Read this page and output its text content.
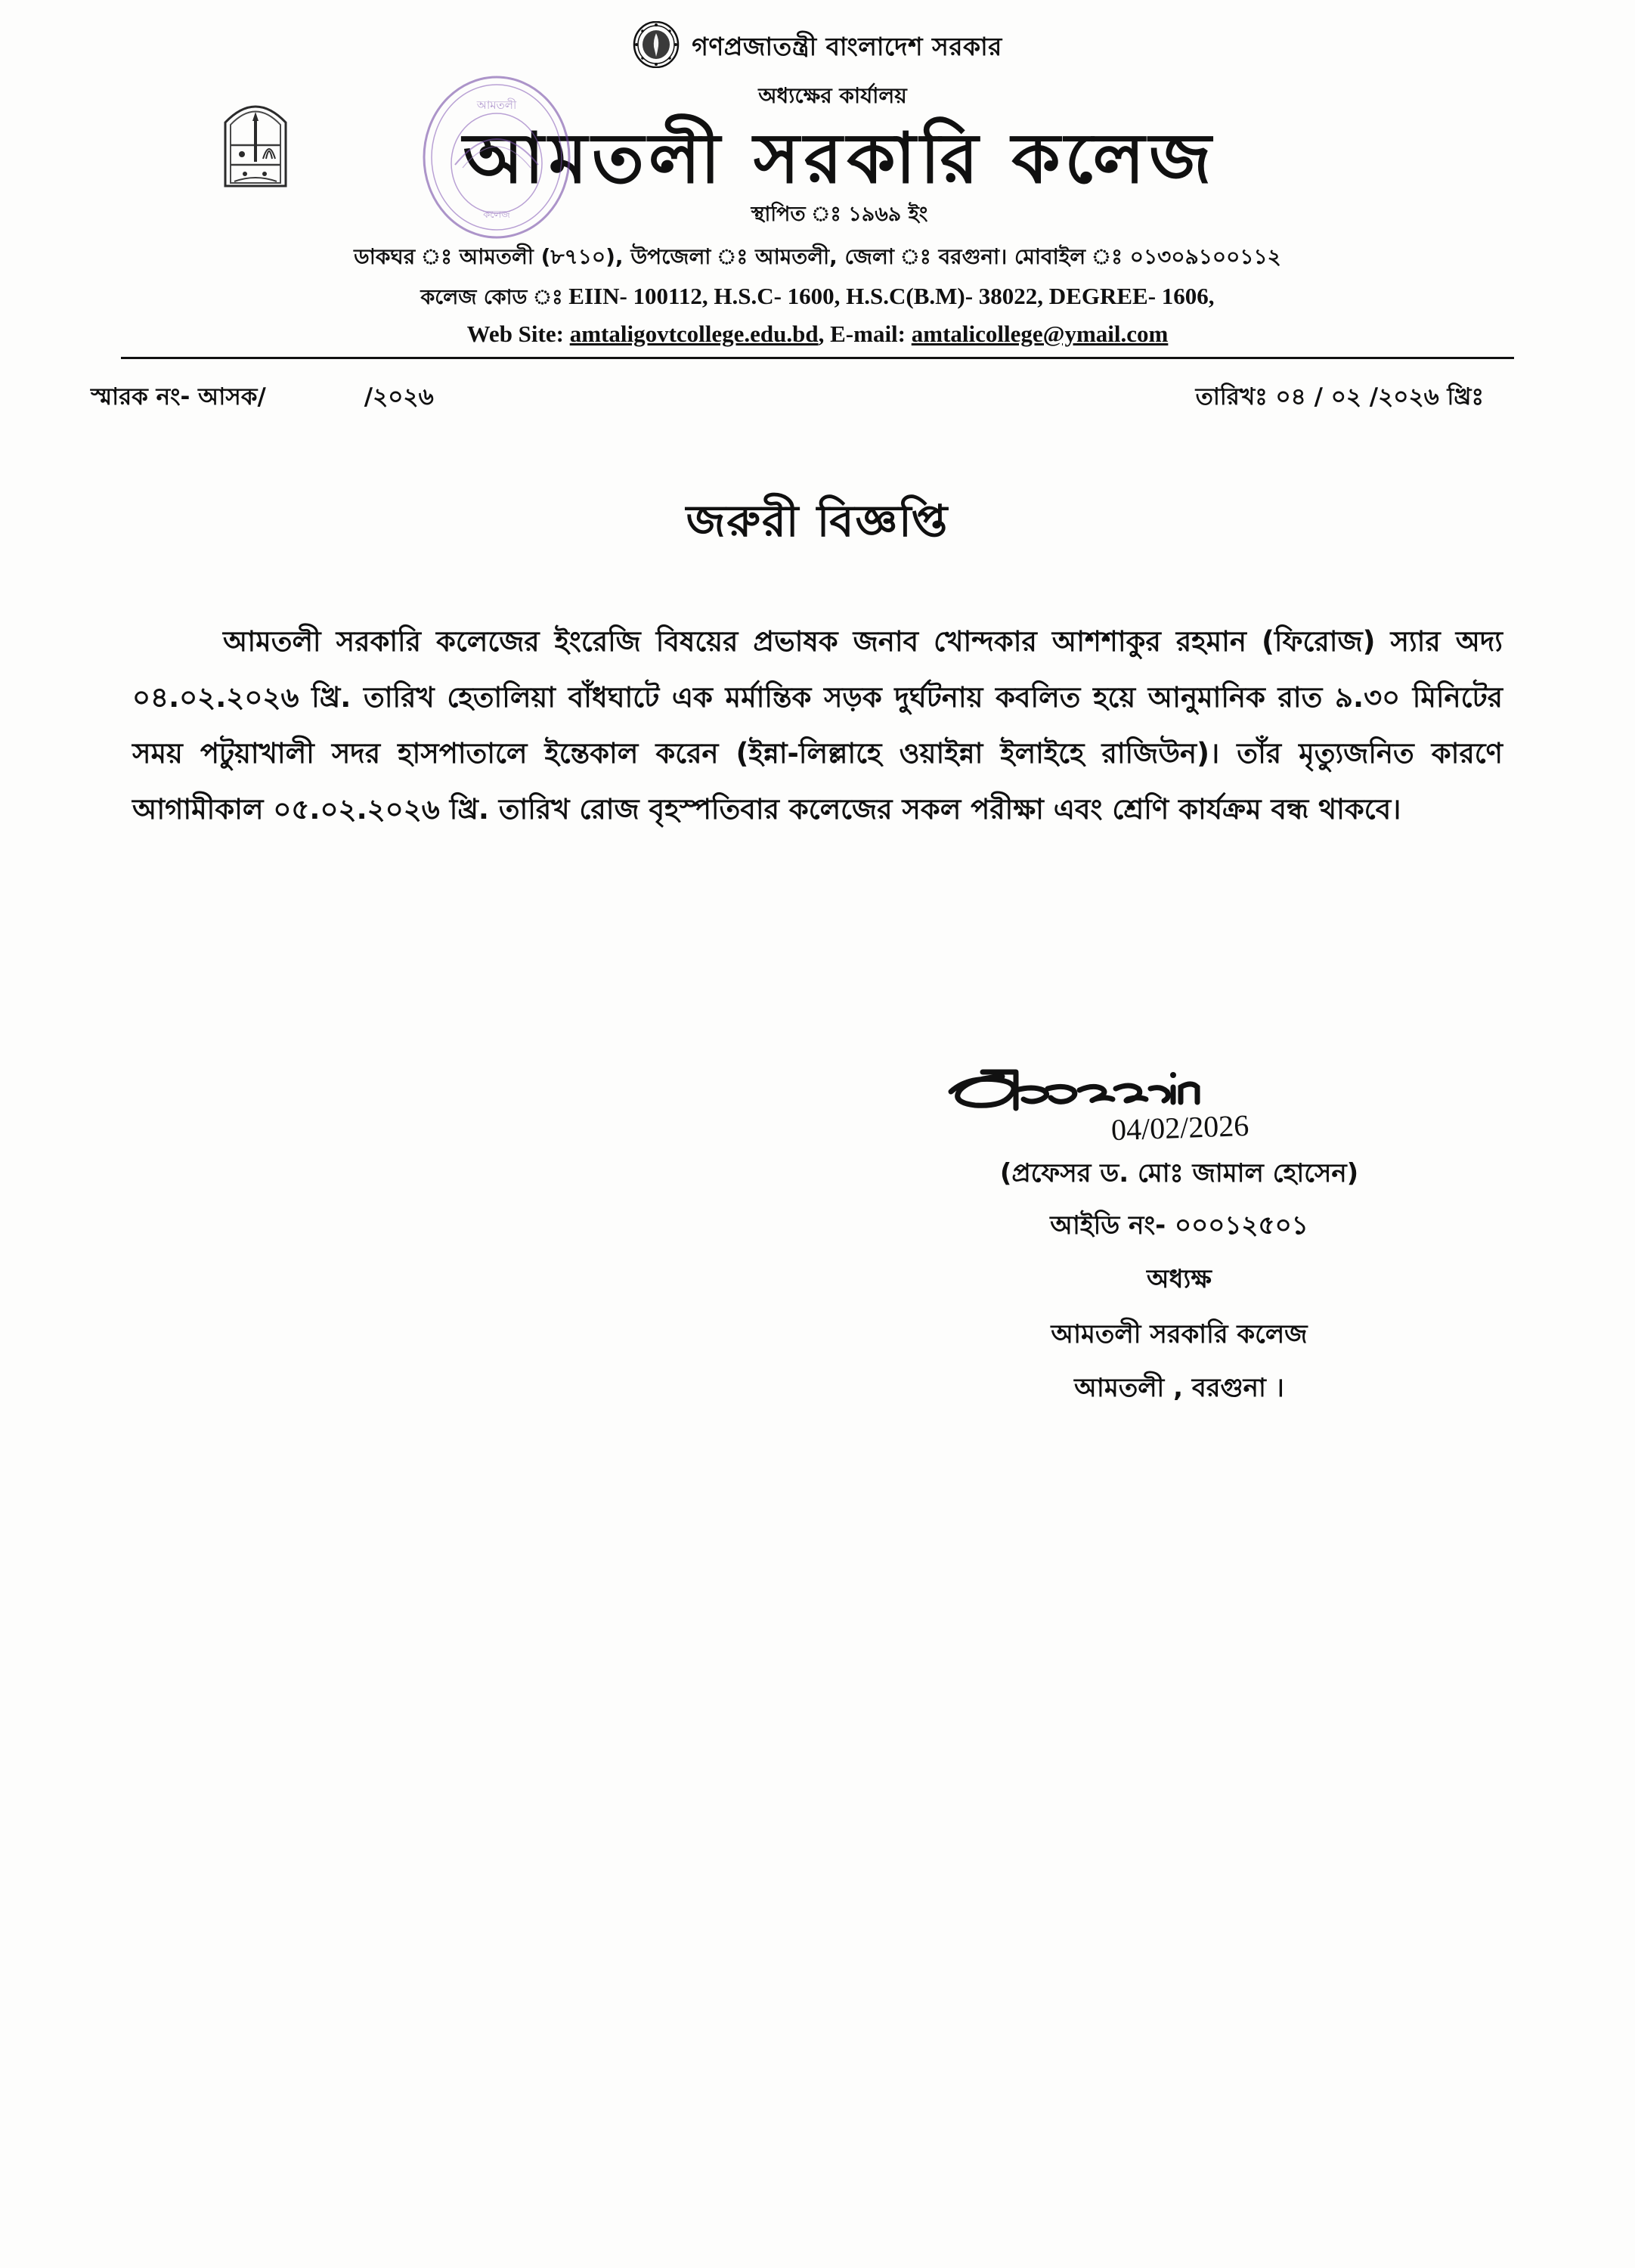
আমতলী
কলেজ
গণপ্রজাতন্ত্রী বাংলাদেশ সরকার
অধ্যক্ষের কার্যালয়
আমতলী সরকারি কলেজ
স্থাপিত ঃ ১৯৬৯ ইং
ডাকঘর ঃ আমতলী (৮৭১০), উপজেলা ঃ আমতলী, জেলা ঃ বরগুনা। মোবাইল ঃ ০১৩০৯১০০১১২
কলেজ কোড ঃ EIIN- 100112, H.S.C- 1600, H.S.C(B.M)- 38022, DEGREE- 1606,
Web Site: amtaligovtcollege.edu.bd, E-mail: amtalicollege@ymail.com
স্মারক নং- আসক/	/২০২৬	তারিখঃ ০৪ / ০২ /২০২৬ খ্রিঃ
জরুরী বিজ্ঞপ্তি
আমতলী সরকারি কলেজের ইংরেজি বিষয়ের প্রভাষক জনাব খোন্দকার আশশাকুর রহমান (ফিরোজ) স্যার অদ্য ০৪.০২.২০২৬ খ্রি. তারিখ হেতালিয়া বাঁধঘাটে এক মর্মান্তিক সড়ক দুর্ঘটনায় কবলিত হয়ে আনুমানিক রাত ৯.৩০ মিনিটের সময় পটুয়াখালী সদর হাসপাতালে ইন্তেকাল করেন (ইন্না-লিল্লাহে ওয়াইন্না ইলাইহে রাজিউন)। তাঁর মৃত্যুজনিত কারণে আগামীকাল ০৫.০২.২০২৬ খ্রি. তারিখ রোজ বৃহস্পতিবার কলেজের সকল পরীক্ষা এবং শ্রেণি কার্যক্রম বন্ধ থাকবে।
04/02/2026
(প্রফেসর ড. মোঃ জামাল হোসেন)
আইডি নং- ০০০১২৫০১
অধ্যক্ষ
আমতলী সরকারি কলেজ
আমতলী , বরগুনা ।
